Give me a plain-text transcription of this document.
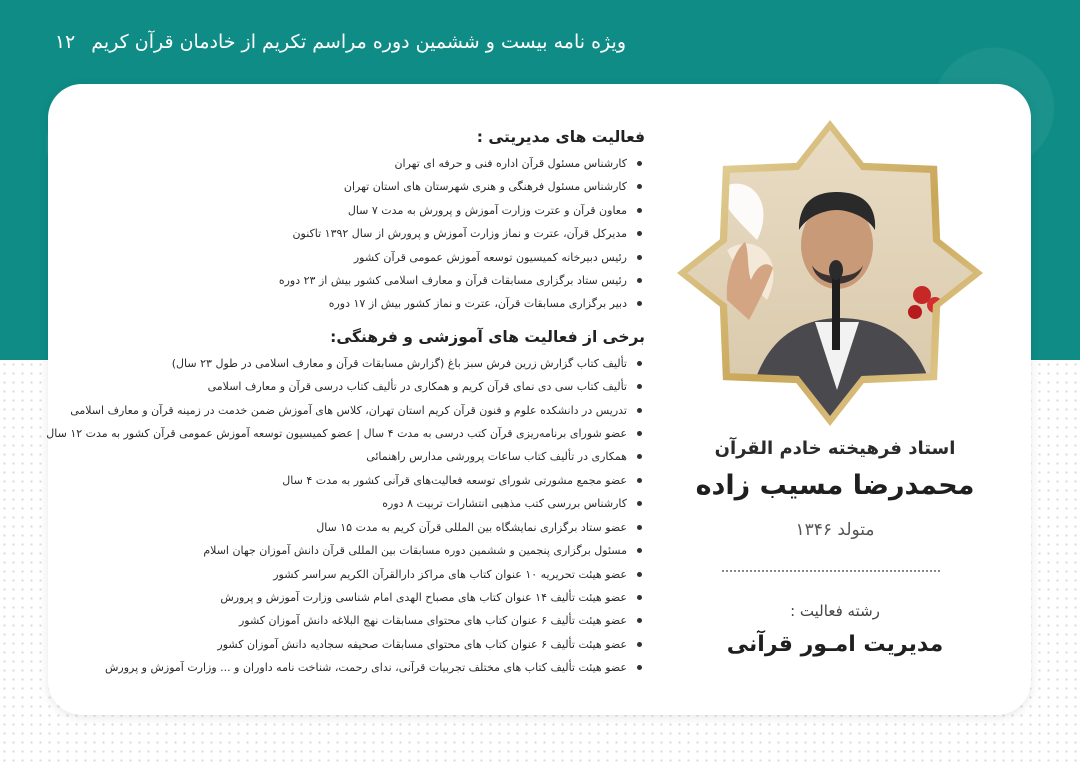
ویژه نامه بیست و ششمین دوره مراسم تکریم از خادمان قرآن کریم
۱۲
فعالیت های مدیریتی :
کارشناس مسئول قرآن اداره فنی و حرفه ای تهران
کارشناس مسئول فرهنگی و هنری شهرستان های استان تهران
معاون قرآن و عترت وزارت آموزش و پرورش به مدت ۷ سال
مدیرکل قرآن، عترت و نماز وزارت آموزش و پرورش از سال ۱۳۹۲ تاکنون
رئیس دبیرخانه کمیسیون توسعه آموزش عمومی قرآن کشور
رئیس ستاد برگزاری مسابقات قرآن و معارف اسلامی کشور بیش از ۲۳ دوره
دبیر برگزاری مسابقات قرآن، عترت و نماز کشور بیش از ۱۷ دوره
برخی از فعالیت های آموزشی و فرهنگی:
تألیف کتاب گزارش زرین فرش سبز باغ (گزارش مسابقات قرآن و معارف اسلامی در طول ۲۳ سال)
تألیف کتاب سی دی نمای قرآن کریم و همکاری در تألیف کتاب درسی قرآن و معارف اسلامی
تدریس در دانشکده علوم و فنون قرآن کریم استان تهران، کلاس های آموزش ضمن خدمت در زمینه قرآن و معارف اسلامی
عضو شورای برنامه‌ریزی قرآن کتب درسی به مدت ۴ سال | عضو کمیسیون توسعه آموزش عمومی قرآن کشور به مدت ۱۲ سال
همکاری در تألیف کتاب ساعات پرورشی مدارس راهنمائی
عضو مجمع مشورتی شورای توسعه فعالیت‌های قرآنی کشور به مدت ۴ سال
کارشناس بررسی کتب مذهبی انتشارات تربیت ۸ دوره
عضو ستاد برگزاری نمایشگاه بین المللی قرآن کریم به مدت ۱۵ سال
مسئول برگزاری پنجمین و ششمین دوره مسابقات بین المللی قرآن دانش آموزان جهان اسلام
عضو هیئت تحریریه ۱۰ عنوان کتاب های مراکز دارالقرآن الکریم سراسر کشور
عضو هیئت تألیف ۱۴ عنوان کتاب های مصباح الهدی امام شناسی وزارت آموزش و پرورش
عضو هیئت تألیف ۶ عنوان کتاب های محتوای مسابقات نهج البلاغه دانش آموزان کشور
عضو هیئت تألیف ۶ عنوان کتاب های محتوای مسابقات صحیفه سجادیه دانش آموزان کشور
عضو هیئت تألیف کتاب های مختلف تجربیات قرآنی، ندای رحمت، شناخت نامه داوران و ... وزارت آموزش و پرورش
استاد فرهیخته خادم القرآن
محمدرضا مسیب زاده
متولد ۱۳۴۶
رشته فعالیت :
مدیریت امـور قرآنی
